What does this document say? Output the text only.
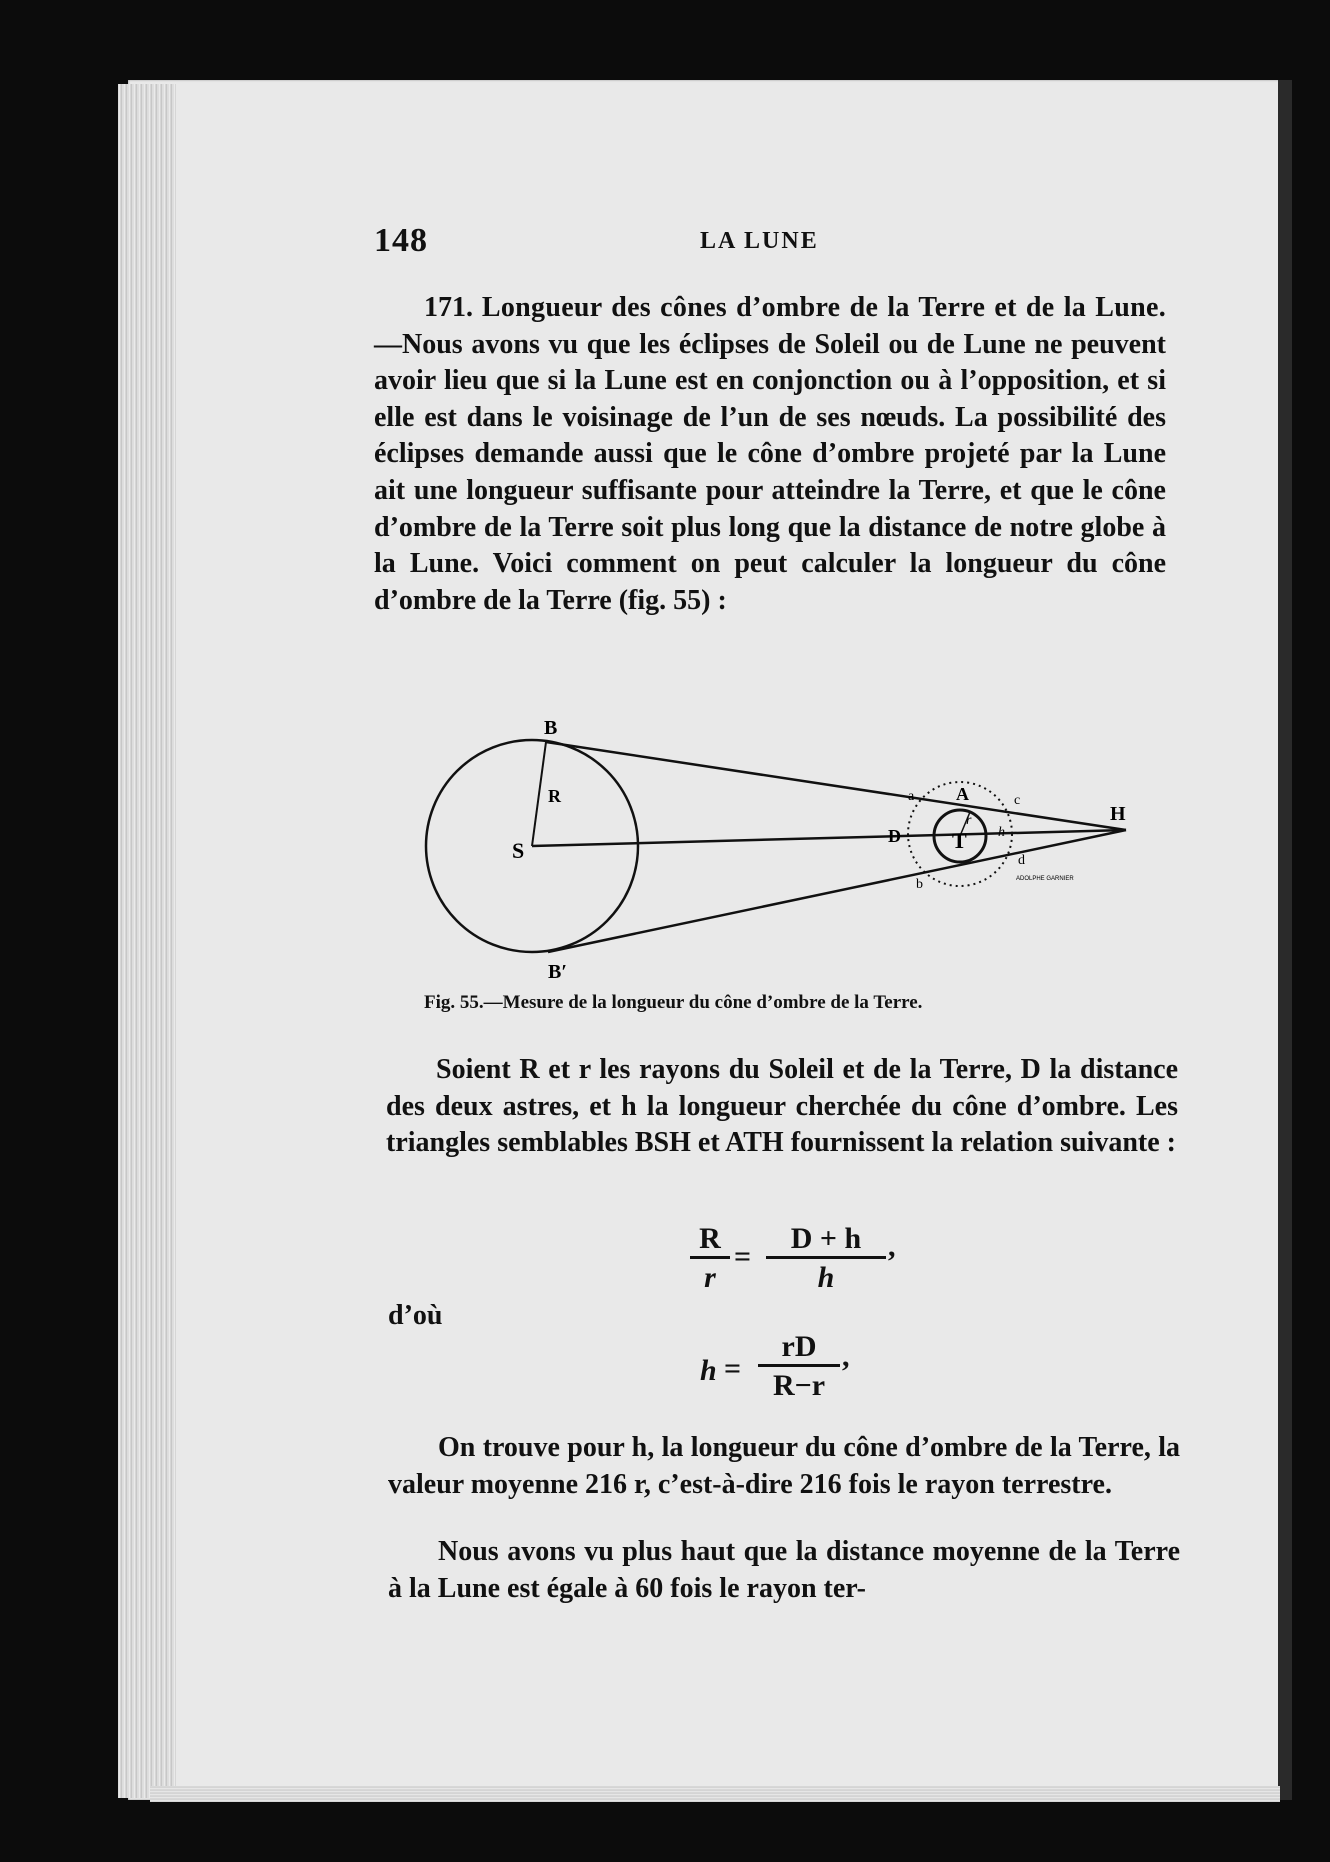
148	LA LUNE

171. Longueur des cônes d’ombre de la Terre et de la Lune.—Nous avons vu que les éclipses de Soleil ou de Lune ne peuvent avoir lieu que si la Lune est en conjonction ou à l’opposition, et si elle est dans le voisinage de l’un de ses nœuds. La possibilité des éclipses demande aussi que le cône d’ombre projeté par la Lune ait une longueur suffisante pour atteindre la Terre, et que le cône d’ombre de la Terre soit plus long que la distance de notre globe à la Lune. Voici comment on peut calculer la longueur du cône d’ombre de la Terre (fig. 55) :

B
B′
R
S
D
A
T
r
h
H
a
b
c
d
ADOLPHE GARNIER
Fig. 55.—Mesure de la longueur du cône d’ombre de la Terre.

Soient R et r les rayons du Soleil et de la Terre, D la distance des deux astres, et h la longueur cherchée du cône d’ombre. Les triangles semblables BSH et ATH fournissent la relation suivante :

$\frac{R}{r} = \frac{D + h}{h}$ ,
d’où
$h = \frac{rD}{R-r}$ ,

On trouve pour h, la longueur du cône d’ombre de la Terre, la valeur moyenne 216 r, c’est-à-dire 216 fois le rayon terrestre.

Nous avons vu plus haut que la distance moyenne de la Terre à la Lune est égale à 60 fois le rayon ter-
